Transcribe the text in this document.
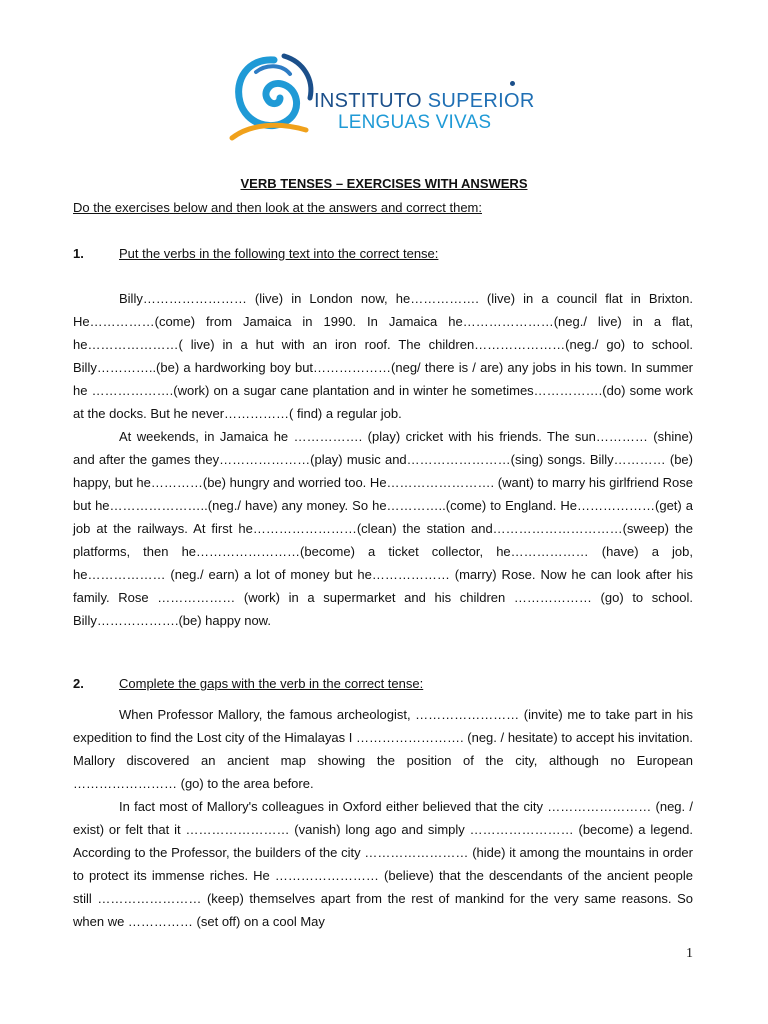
INSTITUTO SUPERIOR
LENGUAS VIVAS
VERB TENSES – EXERCISES WITH ANSWERS
Do the exercises below and then look at the answers and correct them:
1.	Put the verbs in the following text into the correct tense:

Billy…………………… (live) in London now, he……………. (live) in a council flat in Brixton. He……………(come) from Jamaica in 1990. In Jamaica he…………………(neg./ live) in a flat, he…………………( live) in a hut with an iron roof. The children…………………(neg./ go) to school. Billy…………..(be) a hardworking boy but………………(neg/ there is / are) any jobs in his town. In summer he ……………….(work) on a sugar cane plantation and in winter he sometimes…………….(do) some work at the docks. But he never……………( find) a regular job.

At weekends, in Jamaica he ……………. (play) cricket with his friends. The sun………… (shine) and after the games they…………………(play) music and……………………(sing) songs. Billy………… (be) happy, but he…………(be) hungry and worried too. He……………………. (want) to marry his girlfriend Rose but he…………………..(neg./ have) any money. So he…………..(come) to England. He………………(get) a job at the railways. At first he……………………(clean) the station and…………………………(sweep) the platforms, then he……………………(become) a ticket collector, he……………… (have) a job, he……………… (neg./ earn) a lot of money but he……………… (marry) Rose. Now he can look after his family. Rose ……………… (work) in a supermarket and his children ……………… (go) to school. Billy……………….(be) happy now.

2.	Complete the gaps with the verb in the correct tense:

When Professor Mallory, the famous archeologist, …………………… (invite) me to take part in his expedition to find the Lost city of the Himalayas I ……………………. (neg. / hesitate) to accept his invitation. Mallory discovered an ancient map showing the position of the city, although no European …………………… (go) to the area before.

In fact most of Mallory's colleagues in Oxford either believed that the city …………………… (neg. / exist) or felt that it …………………… (vanish) long ago and simply …………………… (become) a legend. According to the Professor, the builders of the city …………………… (hide) it among the mountains in order to protect its immense riches. He …………………… (believe) that the descendants of the ancient people still …………………… (keep) themselves apart from the rest of mankind for the very same reasons. So when we …………… (set off) on a cool May

1
